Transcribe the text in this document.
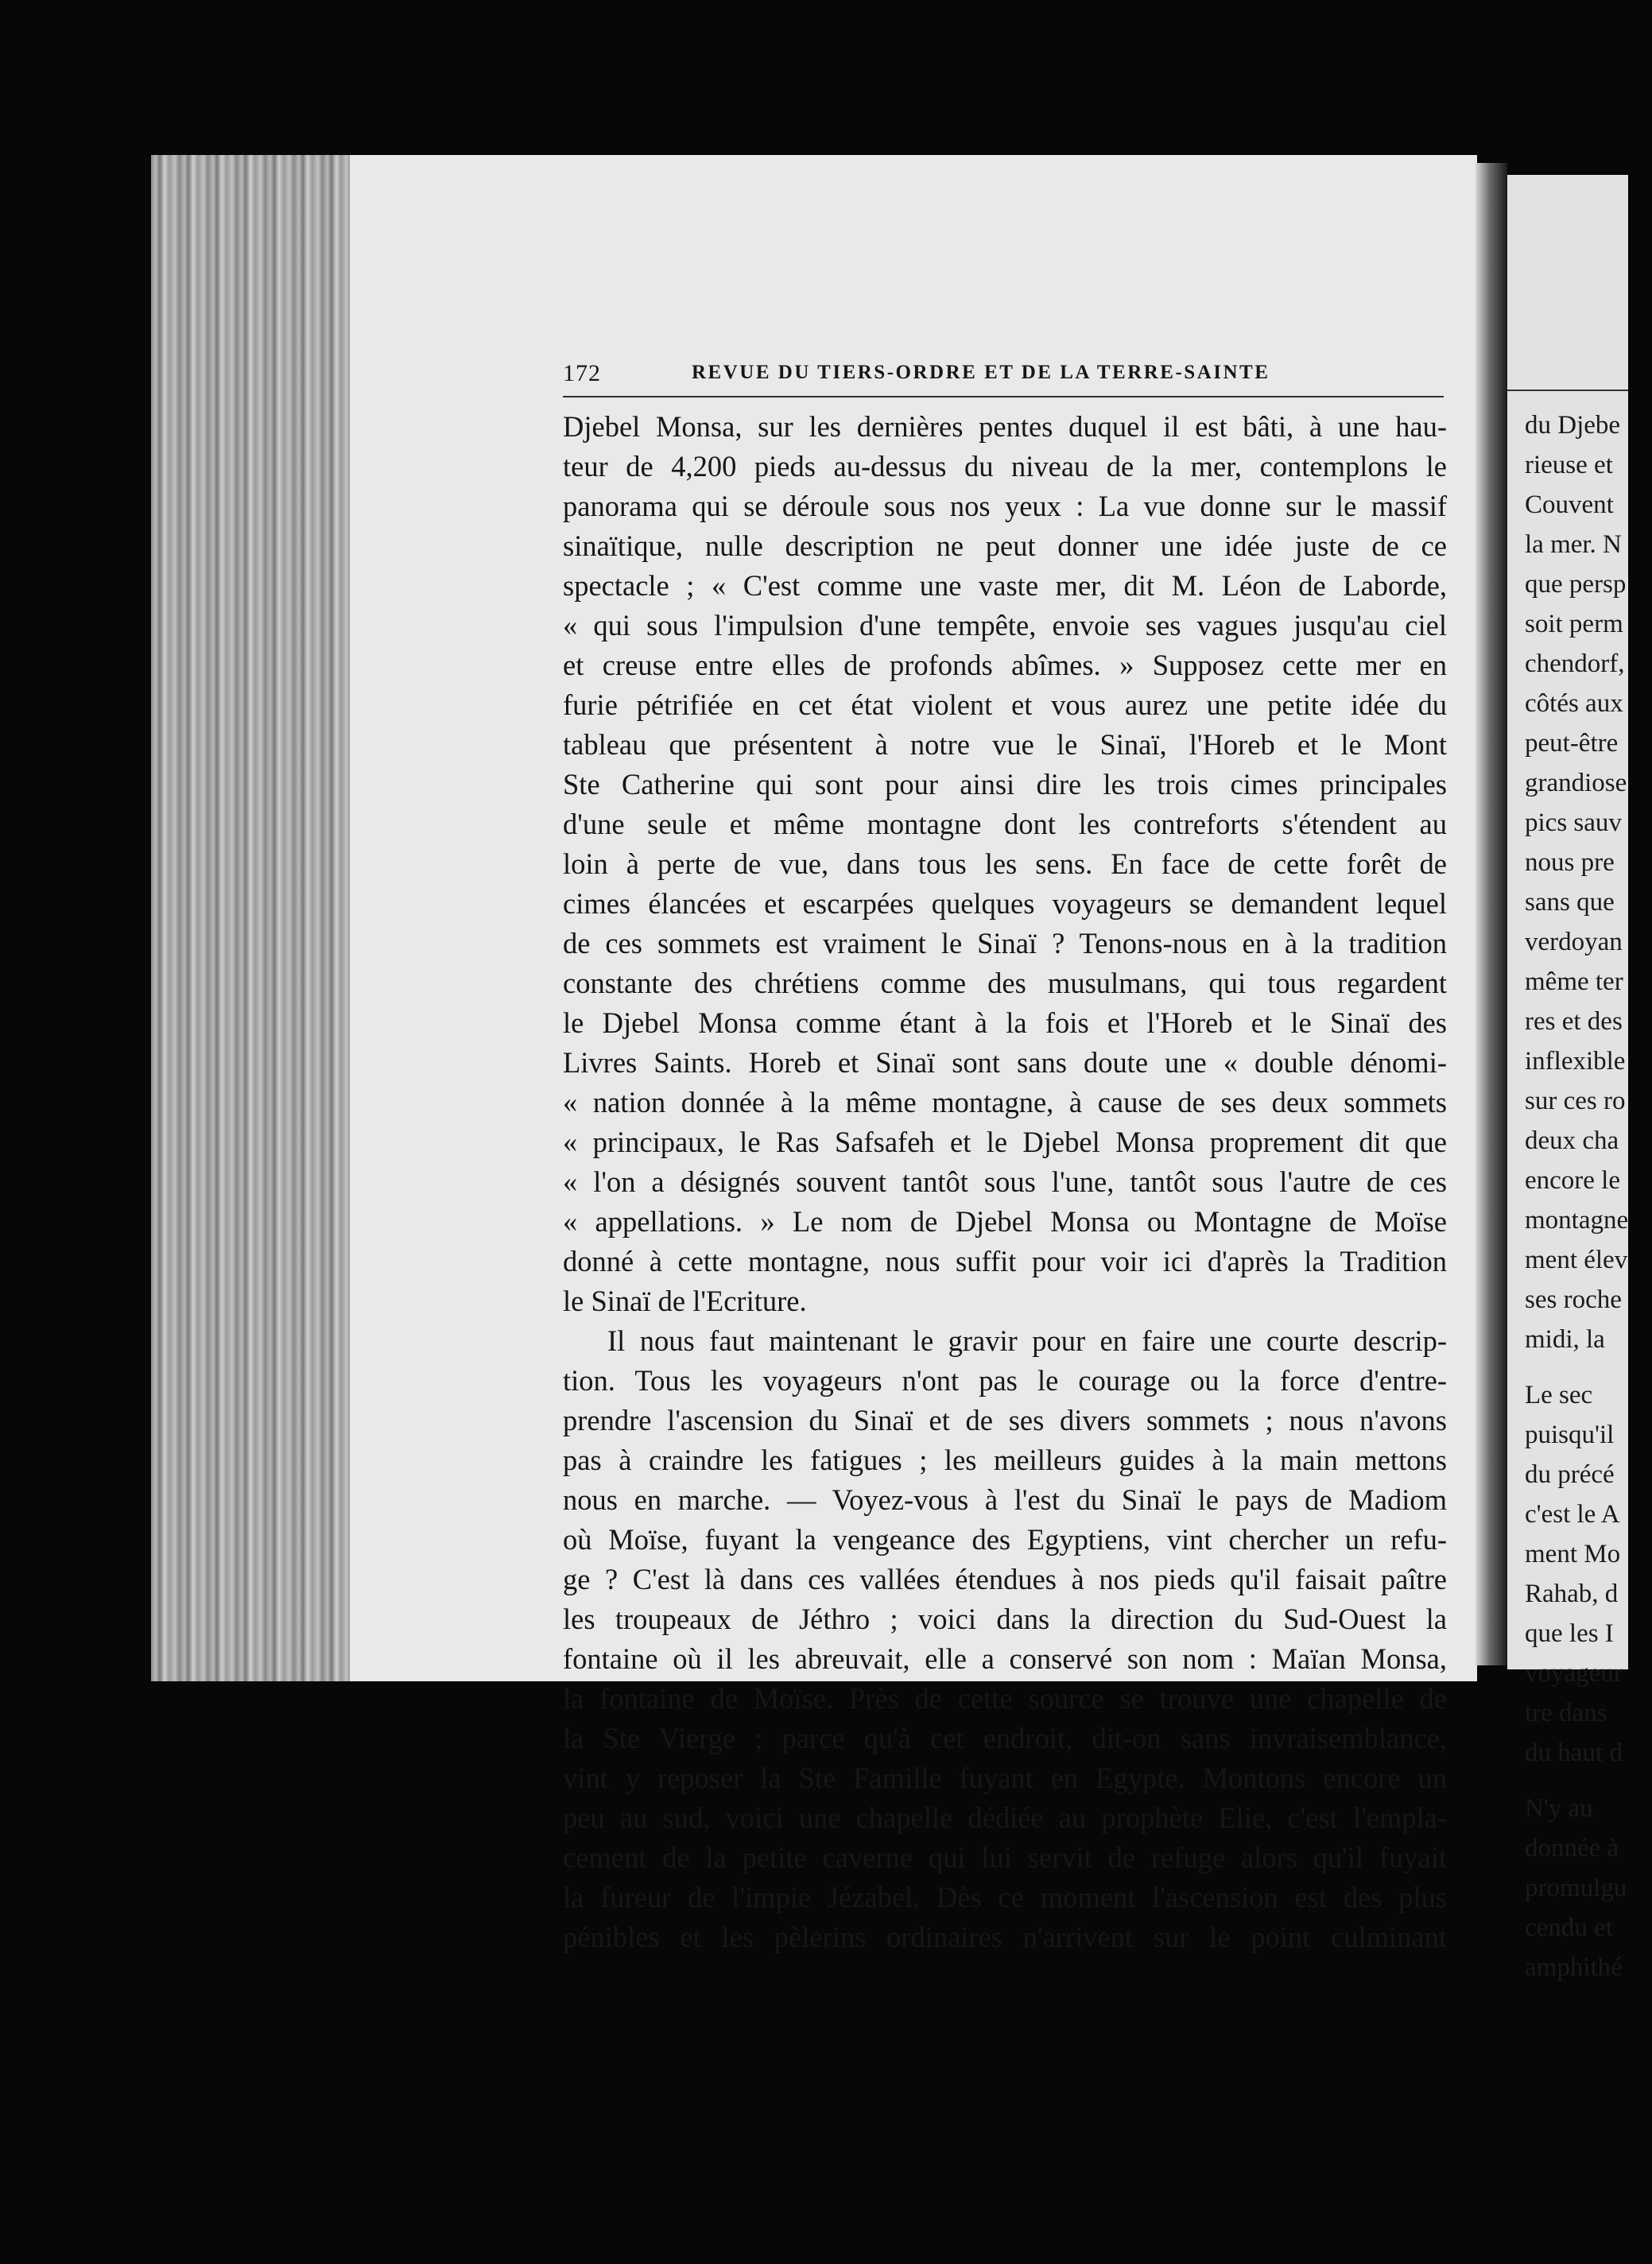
du Djebe
rieuse et
Couvent
la mer. N
que persp
soit perm
chendorf,
côtés aux
peut-être
grandiose
pics sauv
nous pre
sans que
verdoyan
même ter
res et des
inflexible
sur ces ro
deux cha
encore le
montagne
ment élev
ses roche
midi, la
Le sec
puisqu'il
du précé
c'est le A
ment Mo
Rahab, d
que les I
voyageur
tre dans
du haut d
N'y au
donnée à
promulgu
cendu et
amphithé
172	REVUE DU TIERS-ORDRE ET DE LA TERRE-SAINTE
Djebel Monsa, sur les dernières pentes duquel il est bâti, à une hau-
teur de 4,200 pieds au-dessus du niveau de la mer, contemplons le
panorama qui se déroule sous nos yeux : La vue donne sur le massif
sinaïtique, nulle description ne peut donner une idée juste de ce
spectacle ; « C'est comme une vaste mer, dit M. Léon de Laborde,
« qui sous l'impulsion d'une tempête, envoie ses vagues jusqu'au ciel
et creuse entre elles de profonds abîmes. » Supposez cette mer en
furie pétrifiée en cet état violent et vous aurez une petite idée du
tableau que présentent à notre vue le Sinaï, l'Horeb et le Mont
Ste Catherine qui sont pour ainsi dire les trois cimes principales
d'une seule et même montagne dont les contreforts s'étendent au
loin à perte de vue, dans tous les sens. En face de cette forêt de
cimes élancées et escarpées quelques voyageurs se demandent lequel
de ces sommets est vraiment le Sinaï ? Tenons-nous en à la tradition
constante des chrétiens comme des musulmans, qui tous regardent
le Djebel Monsa comme étant à la fois et l'Horeb et le Sinaï des
Livres Saints. Horeb et Sinaï sont sans doute une « double dénomi-
« nation donnée à la même montagne, à cause de ses deux sommets
« principaux, le Ras Safsafeh et le Djebel Monsa proprement dit que
« l'on a désignés souvent tantôt sous l'une, tantôt sous l'autre de ces
« appellations. » Le nom de Djebel Monsa ou Montagne de Moïse
donné à cette montagne, nous suffit pour voir ici d'après la Tradition
le Sinaï de l'Ecriture.
Il nous faut maintenant le gravir pour en faire une courte descrip-
tion. Tous les voyageurs n'ont pas le courage ou la force d'entre-
prendre l'ascension du Sinaï et de ses divers sommets ; nous n'avons
pas à craindre les fatigues ; les meilleurs guides à la main mettons
nous en marche. — Voyez-vous à l'est du Sinaï le pays de Madiom
où Moïse, fuyant la vengeance des Egyptiens, vint chercher un refu-
ge ? C'est là dans ces vallées étendues à nos pieds qu'il faisait paître
les troupeaux de Jéthro ; voici dans la direction du Sud-Ouest la
fontaine où il les abreuvait, elle a conservé son nom : Maïan Monsa,
la fontaine de Moïse. Près de cette source se trouve une chapelle de
la Ste Vierge ; parce qu'à cet endroit, dit-on sans invraisemblance,
vint y reposer la Ste Famille fuyant en Egypte. Montons encore un
peu au sud, voici une chapelle dédiée au prophète Elie, c'est l'empla-
cement de la petite caverne qui lui servit de refuge alors qu'il fuyait
la fureur de l'impie Jézabel. Dès ce moment l'ascension est des plus
pénibles et les pèlerins ordinaires n'arrivent sur le point culminant
